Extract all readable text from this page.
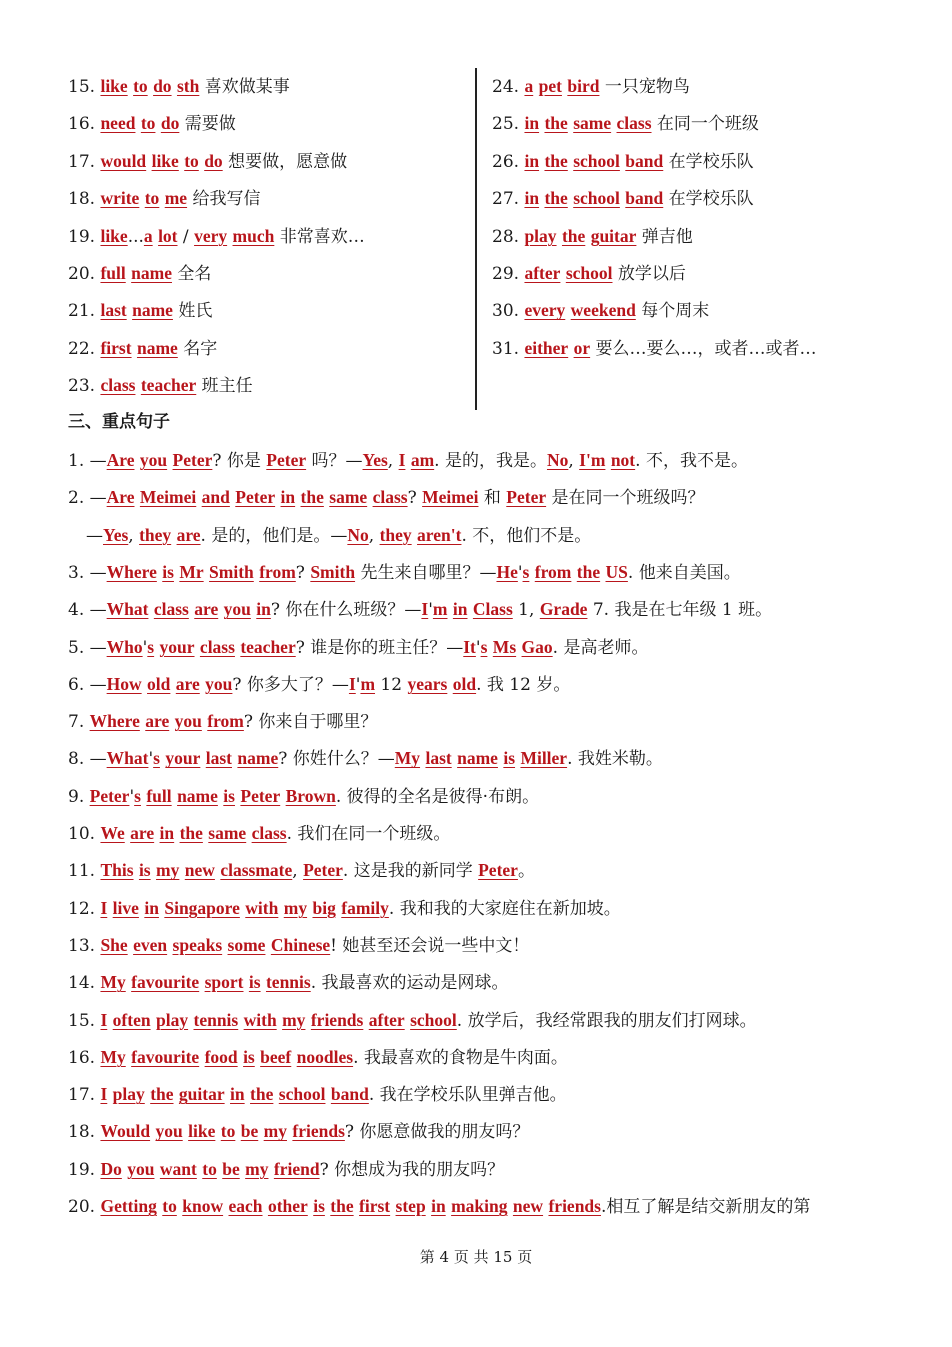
15. like to do sth 喜欢做某事
16. need to do 需要做
17. would like to do 想要做，愿意做
18. write to me 给我写信
19. like...a lot / very much 非常喜欢…
20. full name 全名
21. last name 姓氏
22. first name 名字
23. class teacher 班主任
24. a pet bird 一只宠物鸟
25. in the same class 在同一个班级
26. in the school band 在学校乐队
27. in the school band 在学校乐队
28. play the guitar 弹吉他
29. after school 放学以后
30. every weekend 每个周末
31. either or 要么…要么…，或者…或者…
三、重点句子
1. —Are you Peter? 你是 Peter 吗？—Yes, I am. 是的，我是。No, I'm not. 不，我不是。
2. —Are Meimei and Peter in the same class? Meimei 和 Peter 是在同一个班级吗？
—Yes, they are. 是的，他们是。—No, they aren't. 不，他们不是。
3. —Where is Mr Smith from? Smith 先生来自哪里？—He's from the US. 他来自美国。
4. —What class are you in? 你在什么班级？—I'm in Class 1, Grade 7. 我是在七年级 1 班。
5. —Who's your class teacher? 谁是你的班主任？—It's Ms Gao. 是高老师。
6. —How old are you? 你多大了？—I'm 12 years old. 我 12 岁。
7. Where are you from? 你来自于哪里？
8. —What's your last name? 你姓什么？—My last name is Miller. 我姓米勒。
9. Peter's full name is Peter Brown. 彼得的全名是彼得·布朗。
10. We are in the same class. 我们在同一个班级。
11. This is my new classmate, Peter. 这是我的新同学 Peter。
12. I live in Singapore with my big family. 我和我的大家庭住在新加坡。
13. She even speaks some Chinese! 她甚至还会说一些中文！
14. My favourite sport is tennis. 我最喜欢的运动是网球。
15. I often play tennis with my friends after school. 放学后，我经常跟我的朋友们打网球。
16. My favourite food is beef noodles. 我最喜欢的食物是牛肉面。
17. I play the guitar in the school band. 我在学校乐队里弹吉他。
18. Would you like to be my friends? 你愿意做我的朋友吗？
19. Do you want to be my friend? 你想成为我的朋友吗？
20. Getting to know each other is the first step in making new friends.相互了解是结交新朋友的第
第 4 页 共 15 页
